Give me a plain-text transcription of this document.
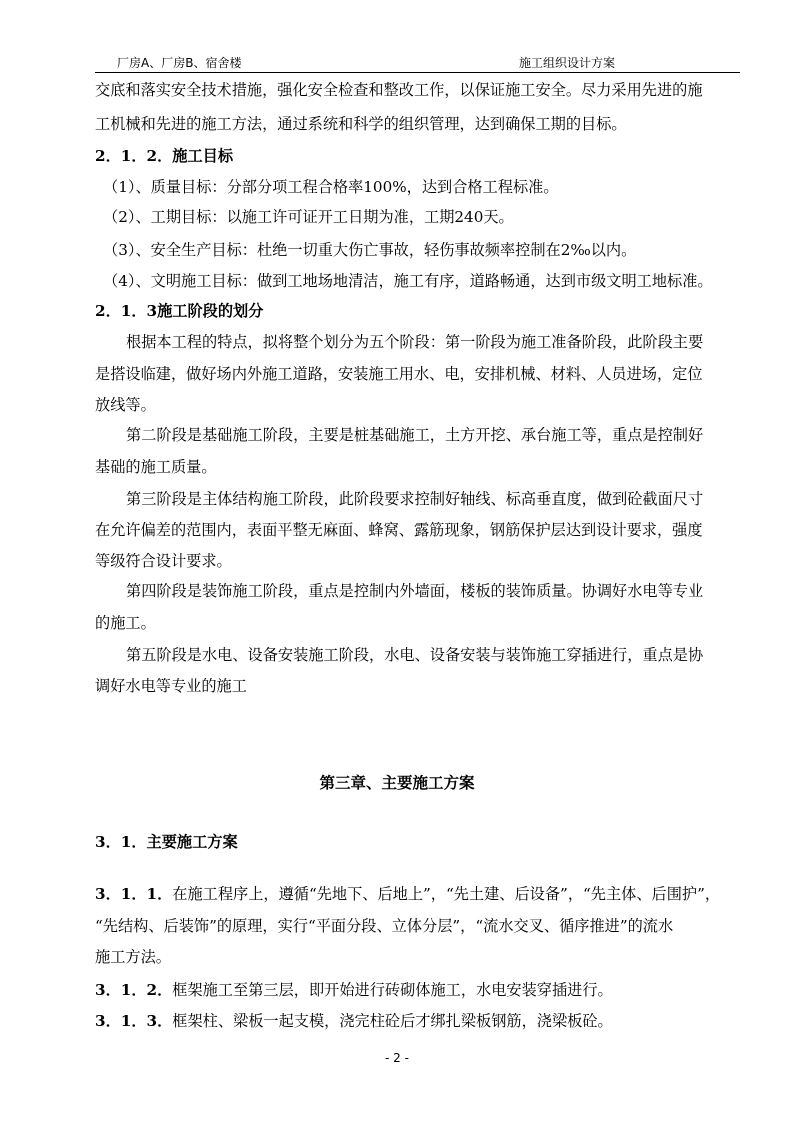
厂房A、厂房B、宿舍楼	施工组织设计方案
交底和落实安全技术措施，强化安全检查和整改工作，以保证施工安全。尽力采用先进的施
工机械和先进的施工方法，通过系统和科学的组织管理，达到确保工期的目标。
2．1．2．施工目标
（1）、质量目标：分部分项工程合格率100%，达到合格工程标准。
（2）、工期目标：以施工许可证开工日期为准，工期240天。
（3）、安全生产目标：杜绝一切重大伤亡事故，轻伤事故频率控制在2‰以内。
（4）、文明施工目标：做到工地场地清洁，施工有序，道路畅通，达到市级文明工地标准。
2．1．3施工阶段的划分
根据本工程的特点，拟将整个划分为五个阶段：第一阶段为施工准备阶段，此阶段主要
是搭设临建，做好场内外施工道路，安装施工用水、电，安排机械、材料、人员进场，定位
放线等。
第二阶段是基础施工阶段，主要是桩基础施工，土方开挖、承台施工等，重点是控制好
基础的施工质量。
第三阶段是主体结构施工阶段，此阶段要求控制好轴线、标高垂直度，做到砼截面尺寸
在允许偏差的范围内，表面平整无麻面、蜂窝、露筋现象，钢筋保护层达到设计要求，强度
等级符合设计要求。
第四阶段是装饰施工阶段，重点是控制内外墙面，楼板的装饰质量。协调好水电等专业
的施工。
第五阶段是水电、设备安装施工阶段，水电、设备安装与装饰施工穿插进行，重点是协
调好水电等专业的施工
第三章、主要施工方案
3．1．主要施工方案
3．1．1．在施工程序上，遵循“先地下、后地上”，“先土建、后设备”，“先主体、后围护”，
“先结构、后装饰”的原理，实行“平面分段、立体分层”，“流水交叉、循序推进”的流水
施工方法。
3．1．2．框架施工至第三层，即开始进行砖砌体施工，水电安装穿插进行。
3．1．3．框架柱、梁板一起支模，浇完柱砼后才绑扎梁板钢筋，浇梁板砼。
- 2 -
